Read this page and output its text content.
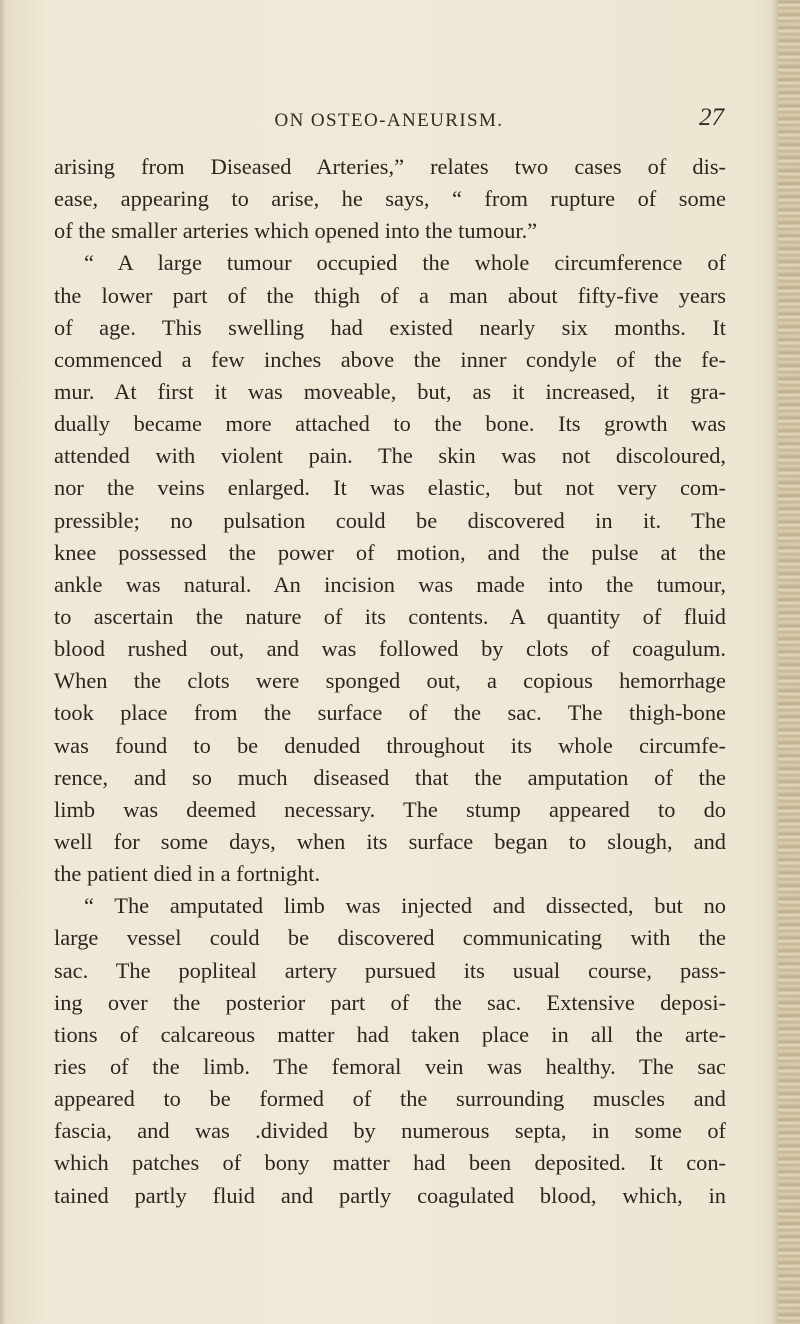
ON OSTEO-ANEURISM.	27
arising from Diseased Arteries,” relates two cases of dis-
ease, appearing to arise, he says, “ from rupture of some
of the smaller arteries which opened into the tumour.”
“ A large tumour occupied the whole circumference of
the lower part of the thigh of a man about fifty-five years
of age. This swelling had existed nearly six months. It
commenced a few inches above the inner condyle of the fe-
mur. At first it was moveable, but, as it increased, it gra-
dually became more attached to the bone. Its growth was
attended with violent pain. The skin was not discoloured,
nor the veins enlarged. It was elastic, but not very com-
pressible; no pulsation could be discovered in it. The
knee possessed the power of motion, and the pulse at the
ankle was natural. An incision was made into the tumour,
to ascertain the nature of its contents. A quantity of fluid
blood rushed out, and was followed by clots of coagulum.
When the clots were sponged out, a copious hemorrhage
took place from the surface of the sac. The thigh-bone
was found to be denuded throughout its whole circumfe-
rence, and so much diseased that the amputation of the
limb was deemed necessary. The stump appeared to do
well for some days, when its surface began to slough, and
the patient died in a fortnight.
“ The amputated limb was injected and dissected, but no
large vessel could be discovered communicating with the
sac. The popliteal artery pursued its usual course, pass-
ing over the posterior part of the sac. Extensive deposi-
tions of calcareous matter had taken place in all the arte-
ries of the limb. The femoral vein was healthy. The sac
appeared to be formed of the surrounding muscles and
fascia, and was .divided by numerous septa, in some of
which patches of bony matter had been deposited. It con-
tained partly fluid and partly coagulated blood, which, in
